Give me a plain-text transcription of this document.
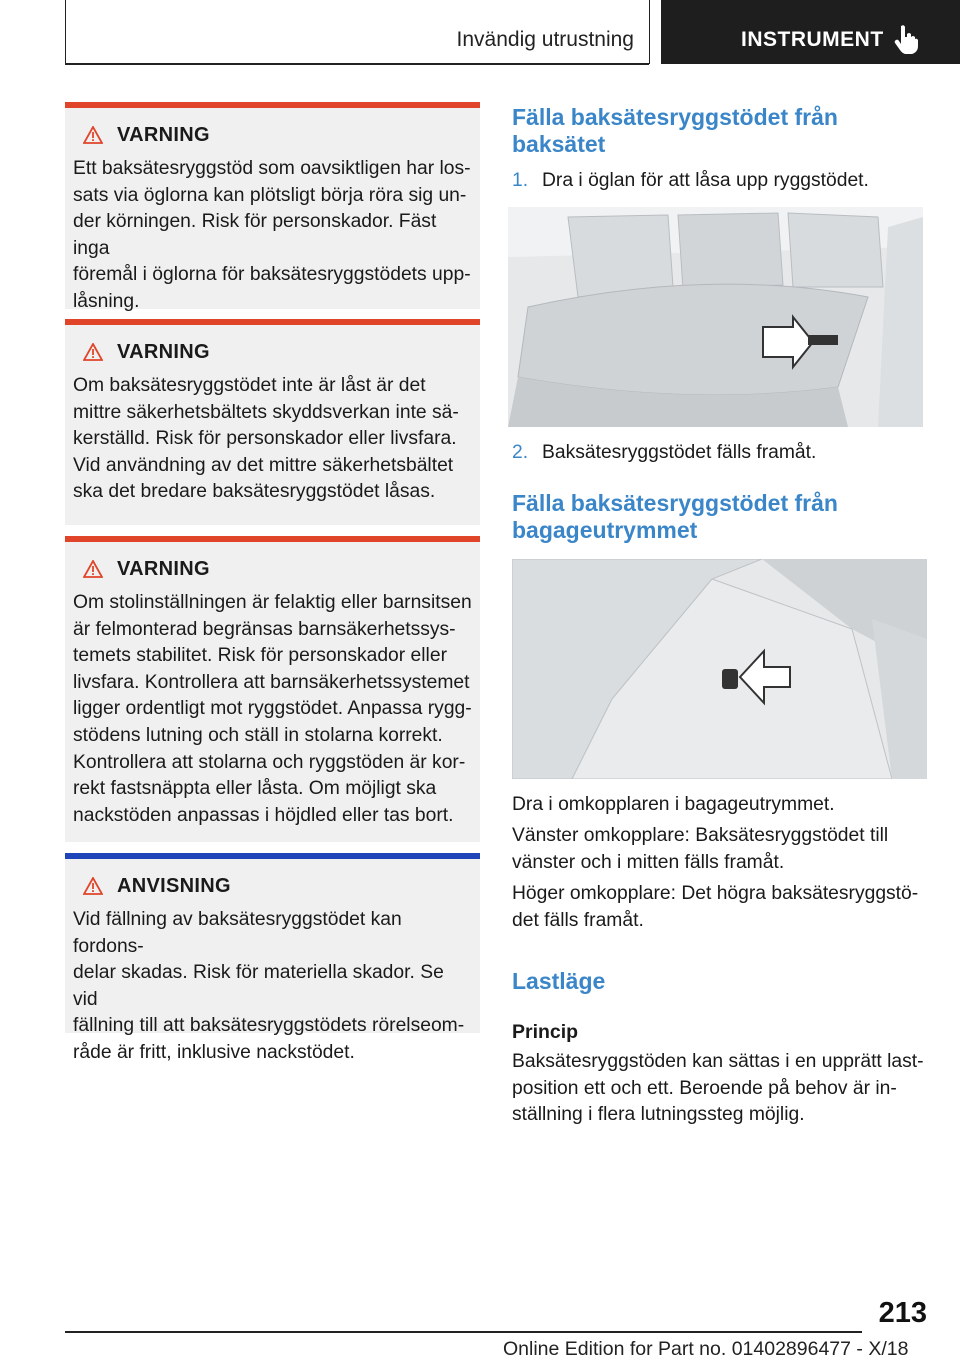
Invändig utrustning	INSTRUMENT
VARNING
Ett baksätesryggstöd som oavsiktligen har los-
sats via öglorna kan plötsligt börja röra sig un-
der körningen. Risk för personskador. Fäst inga
föremål i öglorna för baksätesryggstödets upp-
låsning.
VARNING
Om baksätesryggstödet inte är låst är det
mittre säkerhetsbältets skyddsverkan inte sä-
kerställd. Risk för personskador eller livsfara.
Vid användning av det mittre säkerhetsbältet
ska det bredare baksätesryggstödet låsas.
VARNING
Om stolinställningen är felaktig eller barnsitsen
är felmonterad begränsas barnsäkerhetssys-
temets stabilitet. Risk för personskador eller
livsfara. Kontrollera att barnsäkerhetssystemet
ligger ordentligt mot ryggstödet. Anpassa rygg-
stödens lutning och ställ in stolarna korrekt.
Kontrollera att stolarna och ryggstöden är kor-
rekt fastsnäppta eller låsta. Om möjligt ska
nackstöden anpassas i höjdled eller tas bort.
ANVISNING
Vid fällning av baksätesryggstödet kan fordons-
delar skadas. Risk för materiella skador. Se vid
fällning till att baksätesryggstödets rörelseom-
råde är fritt, inklusive nackstödet.
Fälla baksätesryggstödet från
baksätet
1. Dra i öglan för att låsa upp ryggstödet.
2. Baksätesryggstödet fälls framåt.
Fälla baksätesryggstödet från
bagageutrymmet
Dra i omkopplaren i bagageutrymmet.
Vänster omkopplare: Baksätesryggstödet till
vänster och i mitten fälls framåt.
Höger omkopplare: Det högra baksätesryggstö-
det fälls framåt.
Lastläge
Princip
Baksätesryggstöden kan sättas i en upprätt last-
position ett och ett. Beroende på behov är in-
ställning i flera lutningssteg möjlig.
213
Online Edition for Part no. 01402896477 - X/18
